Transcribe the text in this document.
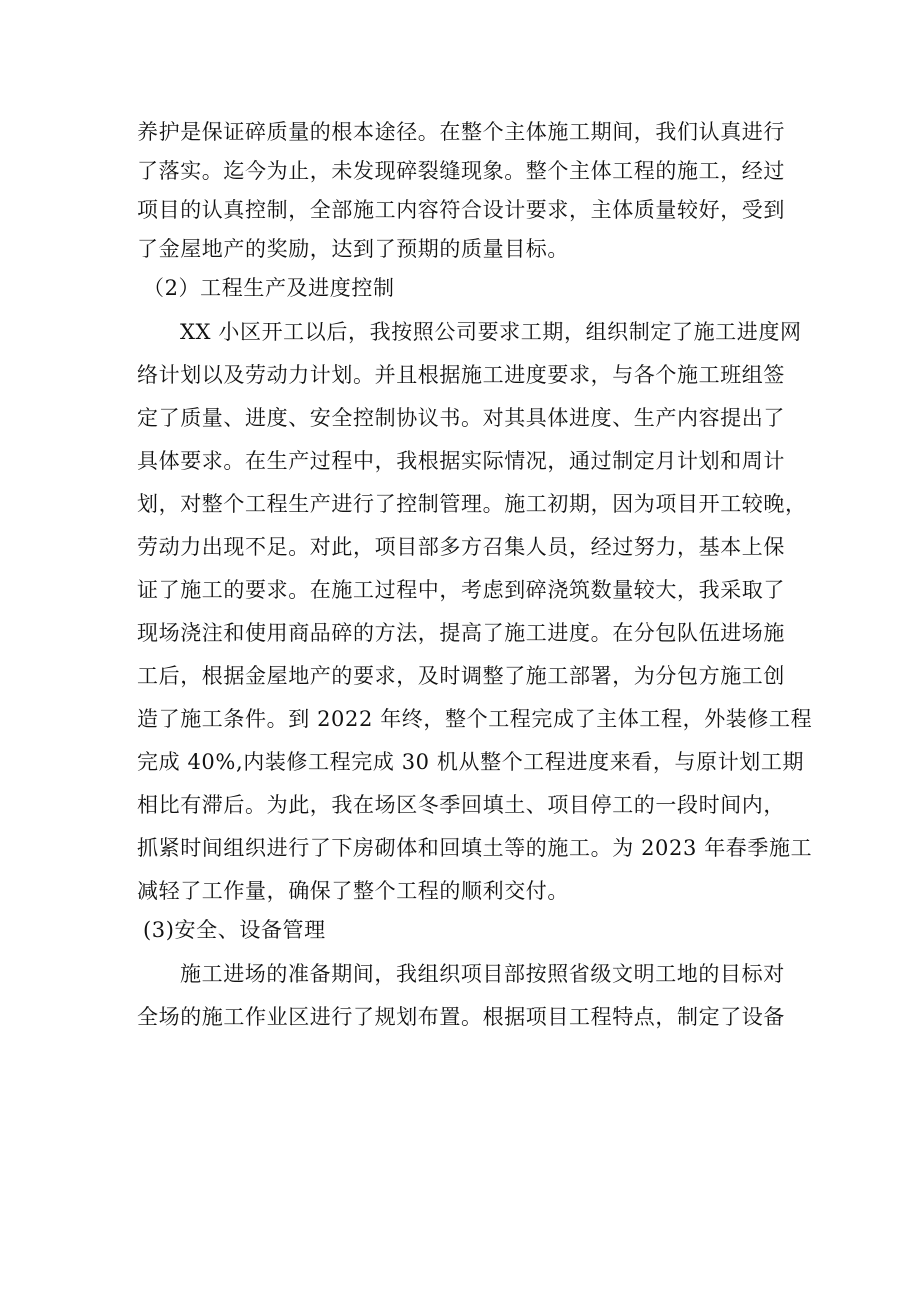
养护是保证碎质量的根本途径。在整个主体施工期间，我们认真进行
了落实。迄今为止，未发现碎裂缝现象。整个主体工程的施工，经过
项目的认真控制，全部施工内容符合设计要求，主体质量较好，受到
了金屋地产的奖励，达到了预期的质量目标。
（2）工程生产及进度控制
XX 小区开工以后，我按照公司要求工期，组织制定了施工进度网
络计划以及劳动力计划。并且根据施工进度要求，与各个施工班组签
定了质量、进度、安全控制协议书。对其具体进度、生产内容提出了
具体要求。在生产过程中，我根据实际情况，通过制定月计划和周计
划，对整个工程生产进行了控制管理。施工初期，因为项目开工较晚，
劳动力出现不足。对此，项目部多方召集人员，经过努力，基本上保
证了施工的要求。在施工过程中，考虑到碎浇筑数量较大，我采取了
现场浇注和使用商品碎的方法，提高了施工进度。在分包队伍进场施
工后，根据金屋地产的要求，及时调整了施工部署，为分包方施工创
造了施工条件。到 2022 年终，整个工程完成了主体工程，外装修工程
完成 40%,内装修工程完成 30 机从整个工程进度来看，与原计划工期
相比有滞后。为此，我在场区冬季回填土、项目停工的一段时间内，
抓紧时间组织进行了下房砌体和回填土等的施工。为 2023 年春季施工
减轻了工作量，确保了整个工程的顺利交付。
(3)安全、设备管理
施工进场的准备期间，我组织项目部按照省级文明工地的目标对
全场的施工作业区进行了规划布置。根据项目工程特点，制定了设备
